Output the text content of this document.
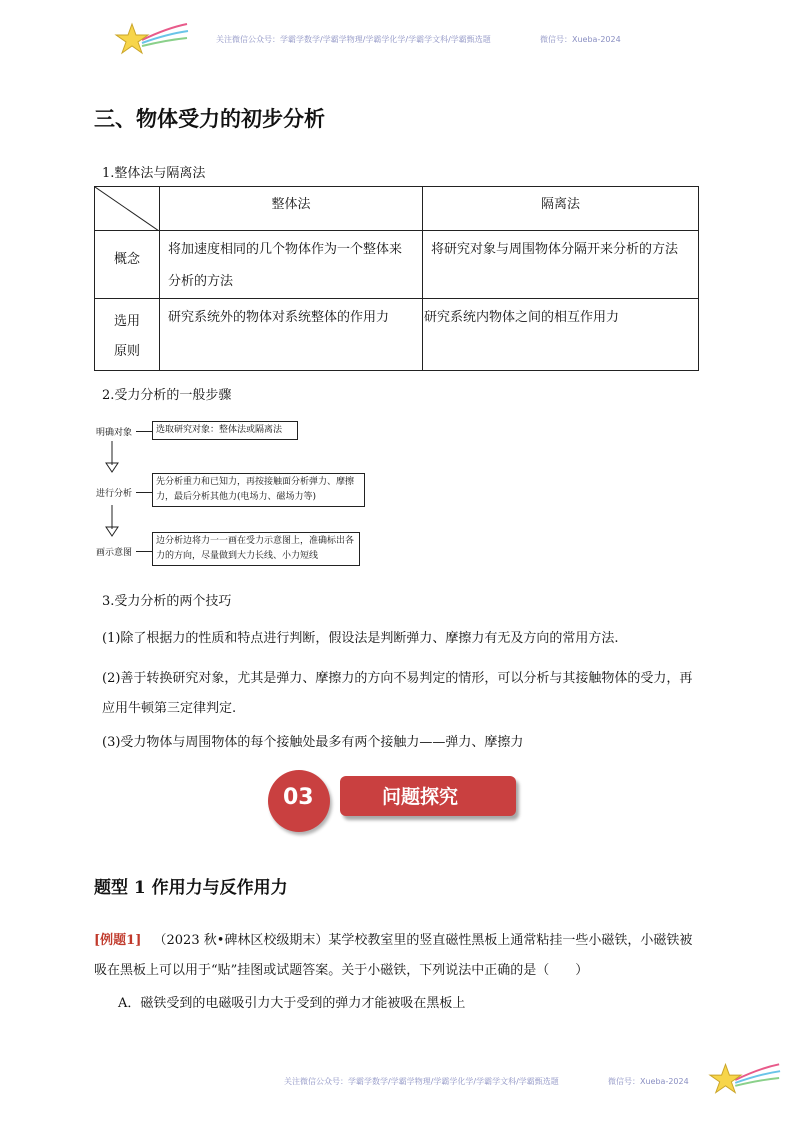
关注微信公众号：学霸学数学/学霸学物理/学霸学化学/学霸学文科/学霸甄选题	微信号：Xueba-2024
三、物体受力的初步分析
1.整体法与隔离法
	整体法	隔离法
概念	将加速度相同的几个物体作为一个整体来分析的方法	将研究对象与周围物体分隔开来分析的方法
选用原则	研究系统外的物体对系统整体的作用力	研究系统内物体之间的相互作用力
2.受力分析的一般步骤
明确对象	选取研究对象：整体法或隔离法
进行分析
先分析重力和已知力，再按接触面分析弹力、摩擦力，最后分析其他力(电场力、磁场力等)
画示意图
边分析边将力一一画在受力示意图上，准确标出各力的方向，尽量做到大力长线、小力短线
3.受力分析的两个技巧
(1)除了根据力的性质和特点进行判断，假设法是判断弹力、摩擦力有无及方向的常用方法.
(2)善于转换研究对象，尤其是弹力、摩擦力的方向不易判定的情形，可以分析与其接触物体的受力，再应用牛顿第三定律判定.
(3)受力物体与周围物体的每个接触处最多有两个接触力——弹力、摩擦力
问题探究
03
题型 1 作用力与反作用力
[例题1] （2023 秋•碑林区校级期末）某学校教室里的竖直磁性黑板上通常粘挂一些小磁铁，小磁铁被吸在黑板上可以用于“贴”挂图或试题答案。关于小磁铁，下列说法中正确的是（　　）
A．磁铁受到的电磁吸引力大于受到的弹力才能被吸在黑板上
关注微信公众号：学霸学数学/学霸学物理/学霸学化学/学霸学文科/学霸甄选题	微信号：Xueba-2024
